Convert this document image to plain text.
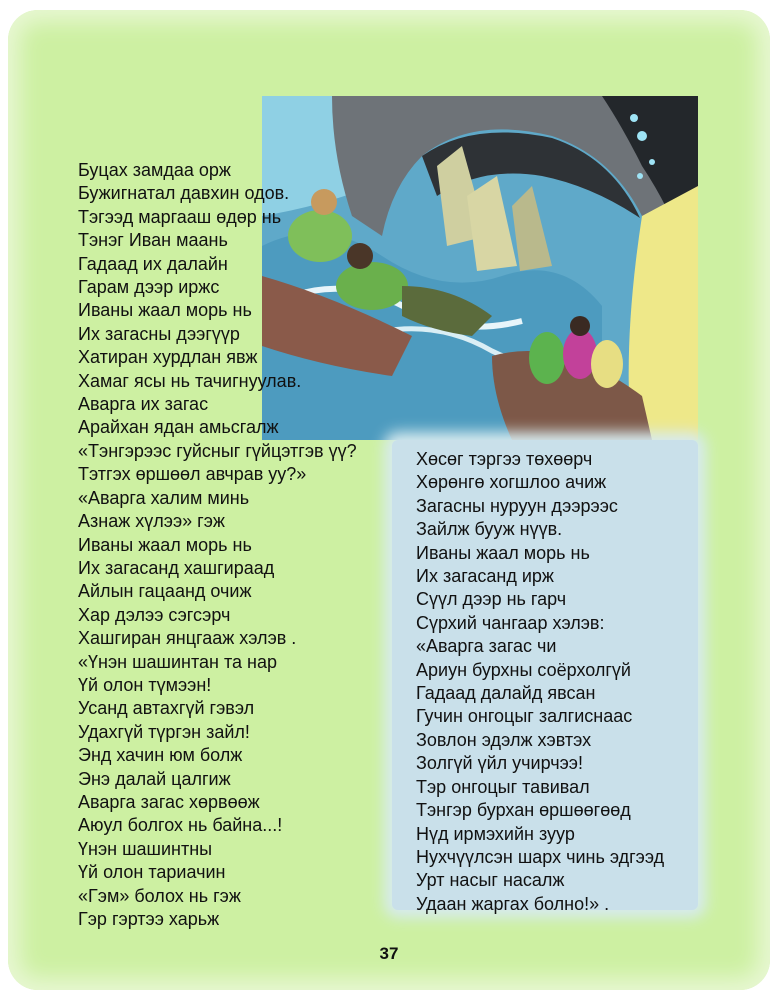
Буцах замдаа орж
Бужигнатал давхин одов.
Тэгээд маргааш өдөр нь
Тэнэг Иван маань
Гадаад их далайн
Гарам дээр иржс
Иваны жаал морь нь
Их загасны дээгүүр
Хатиран хурдлан явж
Хамаг ясы нь тачигнуулав.
Аварга их загас
Арайхан ядан амьсгалж
«Тэнгэрээс гуйсныг гүйцэтгэв үү?
Тэтгэх өршөөл авчрав уу?»
«Аварга халим минь
Азнаж хүлээ» гэж
Иваны жаал морь нь
Их загасанд хашгираад
Айлын гацаанд очиж
Хар дэлээ сэгсэрч
Хашгиран янцгааж хэлэв .
«Үнэн шашинтан та нар
Үй олон түмээн!
Усанд автахгүй гэвэл
Удахгүй түргэн зайл!
Энд хачин юм болж
Энэ далай цалгиж
Аварга загас хөрвөөж
Аюул болгох нь байна...!
Үнэн шашинтны
Үй олон тариачин
«Гэм» болох нь гэж
Гэр гэртээ харьж
Хөсөг тэргээ төхөөрч
Хөрөнгө хогшлоо ачиж
Загасны нуруун дээрээс
Зайлж бууж нүүв.
Иваны жаал морь нь
Их загасанд ирж
Сүүл дээр нь гарч
Сүрхий чангаар хэлэв:
«Аварга загас чи
Ариун бурхны соёрхолгүй
Гадаад далайд явсан
Гучин онгоцыг залгиснаас
Зовлон эдэлж хэвтэх
Золгүй үйл учирчээ!
Тэр онгоцыг тавивал
Тэнгэр бурхан өршөөгөөд
Нүд ирмэхийн зуур
Нухчүүлсэн шарх чинь эдгээд
Урт насыг насалж
Удаан жаргах болно!» .
37
